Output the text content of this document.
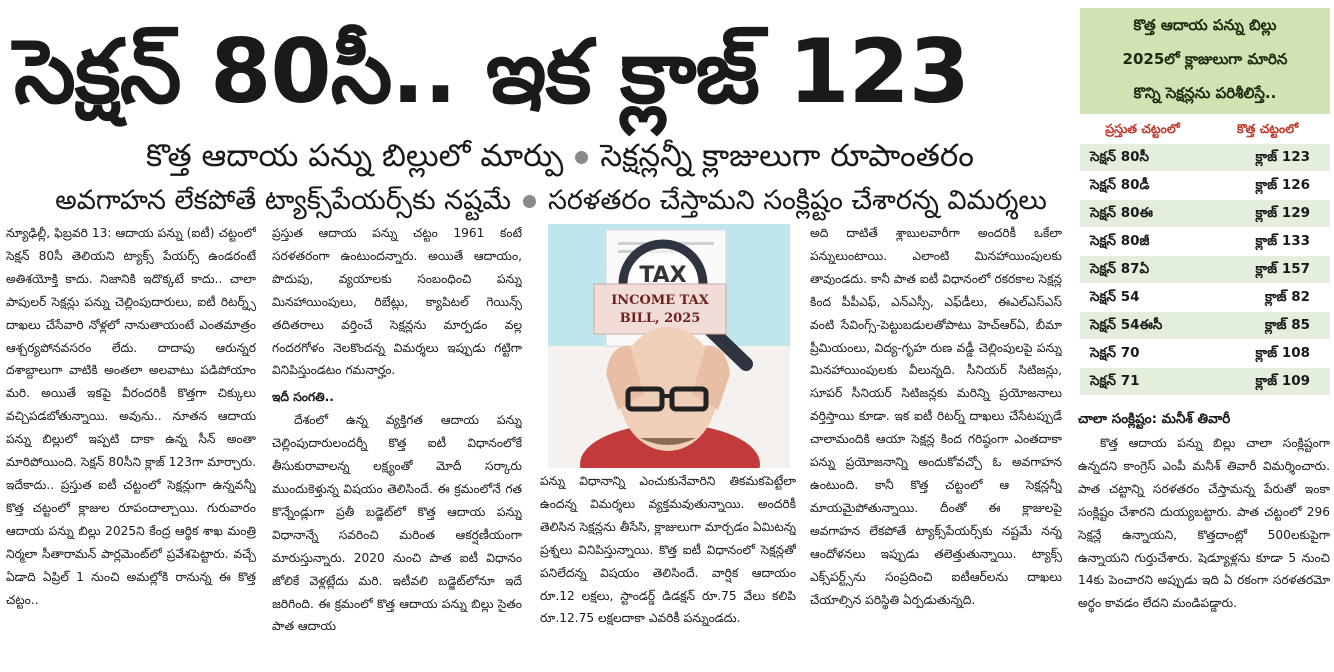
సెక్షన్ 80సీ.. ఇక క్లాజ్ 123
కొత్త ఆదాయ పన్ను బిల్లులో మార్పు సెక్షన్లన్నీ క్లాజులుగా రూపాంతరం
అవగాహన లేకపోతే ట్యాక్స్‌పేయర్స్‌కు నష్టమే సరళతరం చేస్తామని సంక్లిష్టం చేశారన్న విమర్శలు

న్యూఢిల్లీ, ఫిబ్రవరి 13: ఆదాయ పన్ను (ఐటీ) చట్టంలో సెక్షన్ 80సీ తెలియని ట్యాక్స్ పేయర్స్ ఉండరంటే అతిశయోక్తి కాదు. నిజానికి ఇదొక్కటే కాదు.. చాలా పాపులర్ సెక్షన్లు పన్ను చెల్లింపుదారులు, ఐటీ రిటర్న్స్ దాఖలు చేసేవారి నోళ్లలో నానుతాయంటే ఎంతమాత్రం ఆశ్చర్యపోనవసరం లేదు. దాదాపు ఆరున్నర దశాబ్దాలుగా వాటికి అంతలా అలవాటు పడిపోయాం మరి. అయితే ఇకపై వీరందరికీ కొత్తగా చిక్కులు వచ్చిపడబోతున్నాయి. అవును.. నూతన ఆదాయ పన్ను బిల్లులో ఇప్పటి దాకా ఉన్న సీన్ అంతా మారిపోయింది. సెక్షన్ 80సీని క్లాజ్ 123గా మార్చారు. ఇదేకాదు.. ప్రస్తుత ఐటీ చట్టంలో సెక్షన్లుగా ఉన్నవన్నీ కొత్త చట్టంలో క్లాజుల రూపందాల్చాయి. గురువారం ఆదాయ పన్ను బిల్లు 2025ని కేంద్ర ఆర్థిక శాఖ మంత్రి నిర్మలా సీతారామన్ పార్లమెంట్‌లో ప్రవేశపెట్టారు. వచ్చే ఏడాది ఏప్రిల్ 1 నుంచి అమల్లోకి రానున్న ఈ కొత్త చట్టం..

ప్రస్తుత ఆదాయ పన్ను చట్టం 1961 కంటే సరళతరంగా ఉంటుందన్నారు. అయితే ఆదాయం, పొదుపు, వ్యయాలకు సంబంధించి పన్ను మినహాయింపులు, రిబేట్లు, క్యాపిటల్ గెయిన్స్ తదితరాలు వర్తించే సెక్షన్లను మార్పడం వల్ల గందరగోళం నెలకొందన్న విమర్శలు ఇప్పుడు గట్టిగా వినిపిస్తుండటం గమనార్హం.

ఇదీ సంగతి..

దేశంలో ఉన్న వ్యక్తిగత ఆదాయ పన్ను చెల్లింపుదారులందర్నీ కొత్త ఐటీ విధానంలోకే తీసుకురావాలన్న లక్ష్యంతో మోదీ సర్కారు ముందుకెళ్తున్న విషయం తెలిసిందే. ఈ క్రమంలోనే గత కొన్నేండ్లుగా ప్రతీ బడ్జెట్‌లో కొత్త ఆదాయ పన్ను విధానాన్నే సవరించి మరింత ఆకర్షణీయంగా మారుస్తున్నారు. 2020 నుంచి పాత ఐటీ విధానం జోలికే వెళ్లట్లేదు మరి. ఇటీవలి బడ్జెట్‌లోనూ ఇదే జరిగింది. ఈ క్రమంలో కొత్త ఆదాయ పన్ను బిల్లు సైతం పాత ఆదాయ

TAX
INCOME TAX
BILL, 2025

పన్ను విధానాన్ని ఎంచుకునేవారిని తికమకపెట్టేలా ఉందన్న విమర్శలు వ్యక్తమవుతున్నాయి. అందరికీ తెలిసిన సెక్షన్లను తీసేసి, క్లాజులుగా మార్చడం ఏమిటన్న ప్రశ్నలు వినిపిస్తున్నాయి. కొత్త ఐటీ విధానంలో సెక్షన్లతో పనిలేదన్న విషయం తెలిసిందే. వార్షిక ఆదాయం రూ.12 లక్షలు, స్టాండర్డ్ డిడక్షన్ రూ.75 వేలు కలిపి రూ.12.75 లక్షలదాకా ఎవరికీ పన్నుండదు.

అది దాటితే శ్లాబులవారీగా అందరికీ ఒకేలా పన్నులుంటాయి. ఎలాంటి మినహాయింపులకు తావుండదు. కానీ పాత ఐటీ విధానంలో రకరకాల సెక్షన్ల కింద పీపీఎఫ్, ఎన్ఎస్సీ, ఎఫ్‌డీలు, ఈఎల్ఎస్ఎస్ వంటి సేవింగ్స్-పెట్టుబడులతోపాటు హెచ్ఆర్ఏ, బీమా ప్రీమియంలు, విద్య-గృహ రుణ వడ్డీ చెల్లింపులపై పన్ను మినహాయింపులకు వీలున్నది. సీనియర్ సిటిజన్లు, సూపర్ సీనియర్ సిటిజన్లకు మరిన్ని ప్రయోజనాలు వర్తిస్తాయి కూడా. ఇక ఐటీ రిటర్న్ దాఖలు చేసేటప్పుడే చాలామందికి ఆయా సెక్షన్ల కింద గరిష్ఠంగా ఎంతదాకా పన్ను ప్రయోజనాన్ని అందుకోవచ్చో ఓ అవగాహన ఉంటుంది. కానీ కొత్త చట్టంలో ఆ సెక్షన్లన్నీ మాయమైపోతున్నాయి. దీంతో ఈ క్లాజులపై అవగాహన లేకపోతే ట్యాక్స్‌పేయర్స్‌కు నష్టమే నన్న ఆందోళనలు ఇప్పుడు తలెత్తుతున్నాయి. ట్యాక్స్ ఎక్స్‌పర్ట్స్‌ను సంప్రదించి ఐటీఆర్‌లను దాఖలు చేయాల్సిన పరిస్థితి ఏర్పడుతున్నది.

కొత్త ఆదాయ పన్ను బిల్లు
2025లో క్లాజులుగా మారిన
కొన్ని సెక్షన్లను పరిశీలిస్తే..
ప్రస్తుత చట్టంలో	కొత్త చట్టంలో
సెక్షన్ 80సీ	క్లాజ్ 123
సెక్షన్ 80డీ	క్లాజ్ 126
సెక్షన్ 80ఈ	క్లాజ్ 129
సెక్షన్ 80జీ	క్లాజ్ 133
సెక్షన్ 87ఏ	క్లాజ్ 157
సెక్షన్ 54	క్లాజ్ 82
సెక్షన్ 54ఈసీ	క్లాజ్ 85
సెక్షన్ 70	క్లాజ్ 108
సెక్షన్ 71	క్లాజ్ 109
చాలా సంక్లిష్టం: మనీశ్ తివారీ

కొత్త ఆదాయ పన్ను బిల్లు చాలా సంక్లిష్టంగా ఉన్నదని కాంగ్రెస్ ఎంపీ మనీశ్ తివారీ విమర్శించారు. పాత చట్టాన్ని సరళతరం చేస్తామన్న పేరుతో ఇంకా సంక్లిష్టం చేశారని దుయ్యబట్టారు. పాత చట్టంలో 296 సెక్షన్లే ఉన్నాయని, కొత్తదాంట్లో 500లకుపైగా ఉన్నాయని గుర్తుచేశారు. షెడ్యూళ్లను కూడా 5 నుంచి 14కు పెంచారని అప్పుడు ఇది ఏ రకంగా సరళతరమో అర్థం కావడం లేదని మండిపడ్డారు.
